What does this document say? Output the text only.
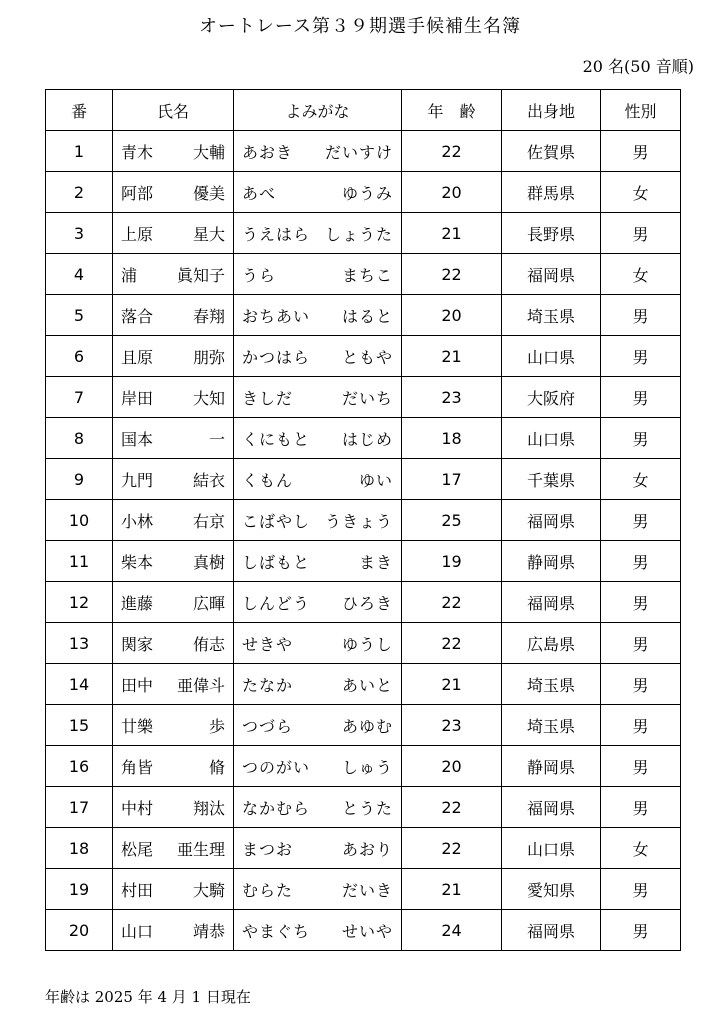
オートレース第３９期選手候補生名簿
20 名(50 音順)
番	氏名	よみがな	年　齢	出身地	性別
1	青木 大輔	あおき だいすけ	22	佐賀県	男
2	阿部 優美	あべ ゆうみ	20	群馬県	女
3	上原 星大	うえはら しょうた	21	長野県	男
4	浦 眞知子	うら まちこ	22	福岡県	女
5	落合 春翔	おちあい はると	20	埼玉県	男
6	且原 朋弥	かつはら ともや	21	山口県	男
7	岸田 大知	きしだ だいち	23	大阪府	男
8	国本 一	くにもと はじめ	18	山口県	男
9	九門 結衣	くもん ゆい	17	千葉県	女
10	小林 右京	こばやし うきょう	25	福岡県	男
11	柴本 真樹	しばもと まき	19	静岡県	男
12	進藤 広暉	しんどう ひろき	22	福岡県	男
13	関家 侑志	せきや ゆうし	22	広島県	男
14	田中 亜偉斗	たなか あいと	21	埼玉県	男
15	廿樂 歩	つづら あゆむ	23	埼玉県	男
16	角皆 脩	つのがい しゅう	20	静岡県	男
17	中村 翔汰	なかむら とうた	22	福岡県	男
18	松尾 亜生理	まつお あおり	22	山口県	女
19	村田 大騎	むらた だいき	21	愛知県	男
20	山口 靖恭	やまぐち せいや	24	福岡県	男
年齢は 2025 年 4 月 1 日現在
